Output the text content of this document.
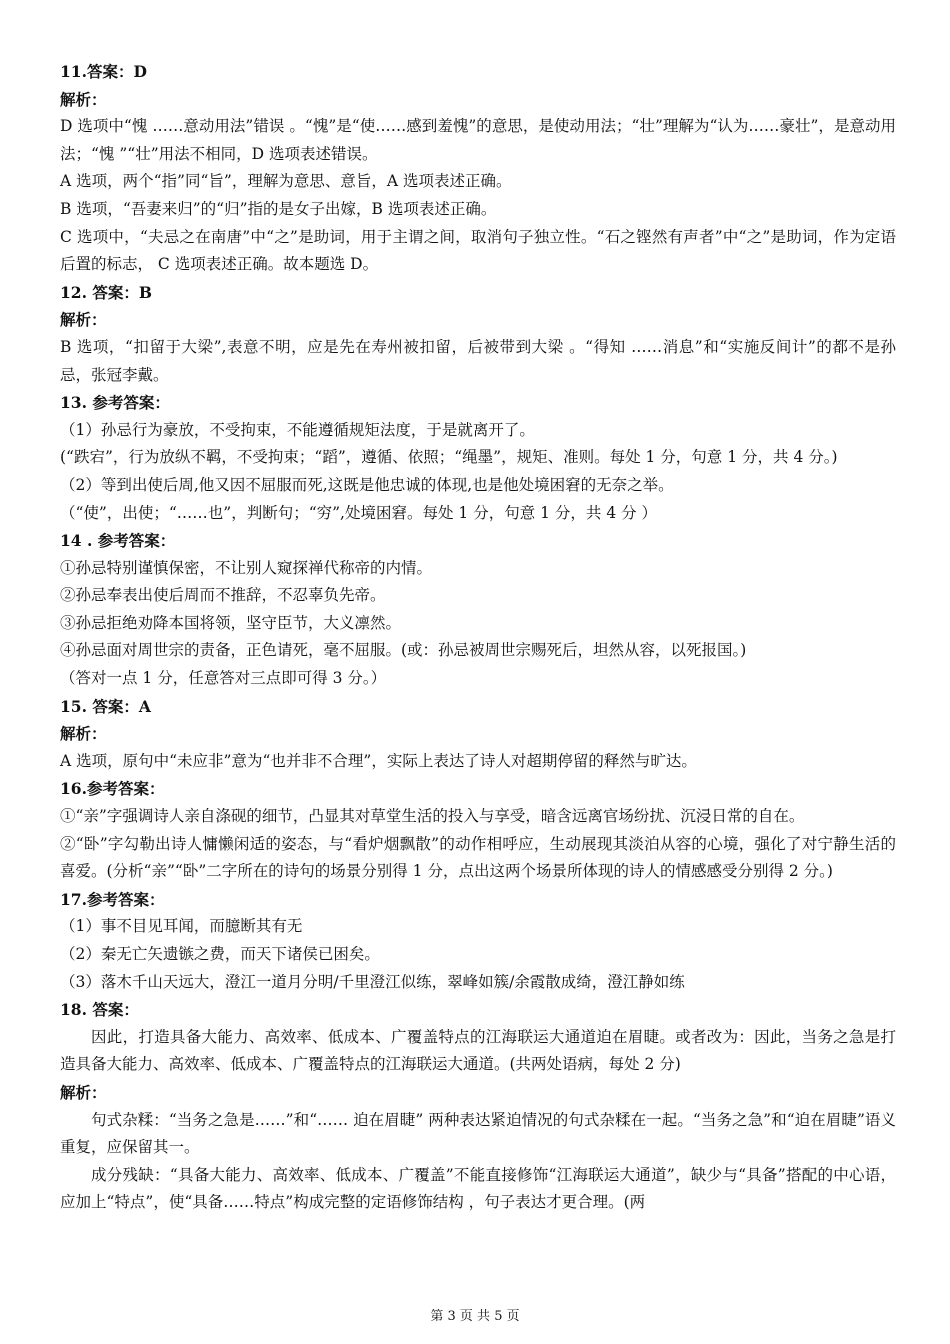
11.答案：D
解析：
D 选项中“愧 ……意动用法”错误 。“愧”是“使……感到羞愧”的意思，是使动用法；“壮”理解为“认为……豪壮”，是意动用法；“愧 ”“壮”用法不相同，D 选项表述错误。
A 选项，两个“指”同“旨”，理解为意思、意旨，A 选项表述正确。
B 选项，“吾妻来归”的“归”指的是女子出嫁，B 选项表述正确。
C 选项中，“夫忌之在南唐”中“之”是助词，用于主谓之间，取消句子独立性。“石之铿然有声者”中“之”是助词，作为定语后置的标志， C 选项表述正确。故本题选 D。
12. 答案：B
解析：
B 选项，“扣留于大梁”,表意不明，应是先在寿州被扣留，后被带到大梁 。“得知 ……消息”和“实施反间计”的都不是孙忌，张冠李戴。
13. 参考答案：
（1）孙忌行为豪放，不受拘束，不能遵循规矩法度，于是就离开了。
(“跌宕”，行为放纵不羁，不受拘束；“蹈”，遵循、依照；“绳墨”，规矩、准则。每处 1 分，句意 1 分，共 4 分。)
（2）等到出使后周,他又因不屈服而死,这既是他忠诚的体现,也是他处境困窘的无奈之举。
（“使”，出使；“……也”，判断句；“穷”,处境困窘。每处 1 分，句意 1 分，共 4 分 ）
14 . 参考答案：
①孙忌特别谨慎保密，不让别人窥探禅代称帝的内情。
②孙忌奉表出使后周而不推辞，不忍辜负先帝。
③孙忌拒绝劝降本国将领，坚守臣节，大义凛然。
④孙忌面对周世宗的责备，正色请死，毫不屈服。(或：孙忌被周世宗赐死后，坦然从容，以死报国。)
（答对一点 1 分，任意答对三点即可得 3 分。）
15. 答案：A
解析：
A 选项，原句中“未应非”意为“也并非不合理”，实际上表达了诗人对超期停留的释然与旷达。
16.参考答案：
①“亲”字强调诗人亲自涤砚的细节，凸显其对草堂生活的投入与享受，暗含远离官场纷扰、沉浸日常的自在。
②“卧”字勾勒出诗人慵懒闲适的姿态，与“看炉烟飘散”的动作相呼应，生动展现其淡泊从容的心境，强化了对宁静生活的喜爱。(分析“亲”“卧”二字所在的诗句的场景分别得 1 分，点出这两个场景所体现的诗人的情感感受分别得 2 分。)
17.参考答案：
（1）事不目见耳闻，而臆断其有无
（2）秦无亡矢遗镞之费，而天下诸侯已困矣。
（3）落木千山天远大，澄江一道月分明/千里澄江似练，翠峰如簇/余霞散成绮，澄江静如练
18. 答案：
因此，打造具备大能力、高效率、低成本、广覆盖特点的江海联运大通道迫在眉睫。或者改为：因此，当务之急是打造具备大能力、高效率、低成本、广覆盖特点的江海联运大通道。(共两处语病，每处 2 分)
解析：
句式杂糅：“当务之急是……”和“…… 迫在眉睫” 两种表达紧迫情况的句式杂糅在一起。“当务之急”和“迫在眉睫”语义重复，应保留其一。
成分残缺：“具备大能力、高效率、低成本、广覆盖”不能直接修饰“江海联运大通道”，缺少与“具备”搭配的中心语，应加上“特点”，使“具备……特点”构成完整的定语修饰结构 ，句子表达才更合理。(两
第 3 页 共 5 页
